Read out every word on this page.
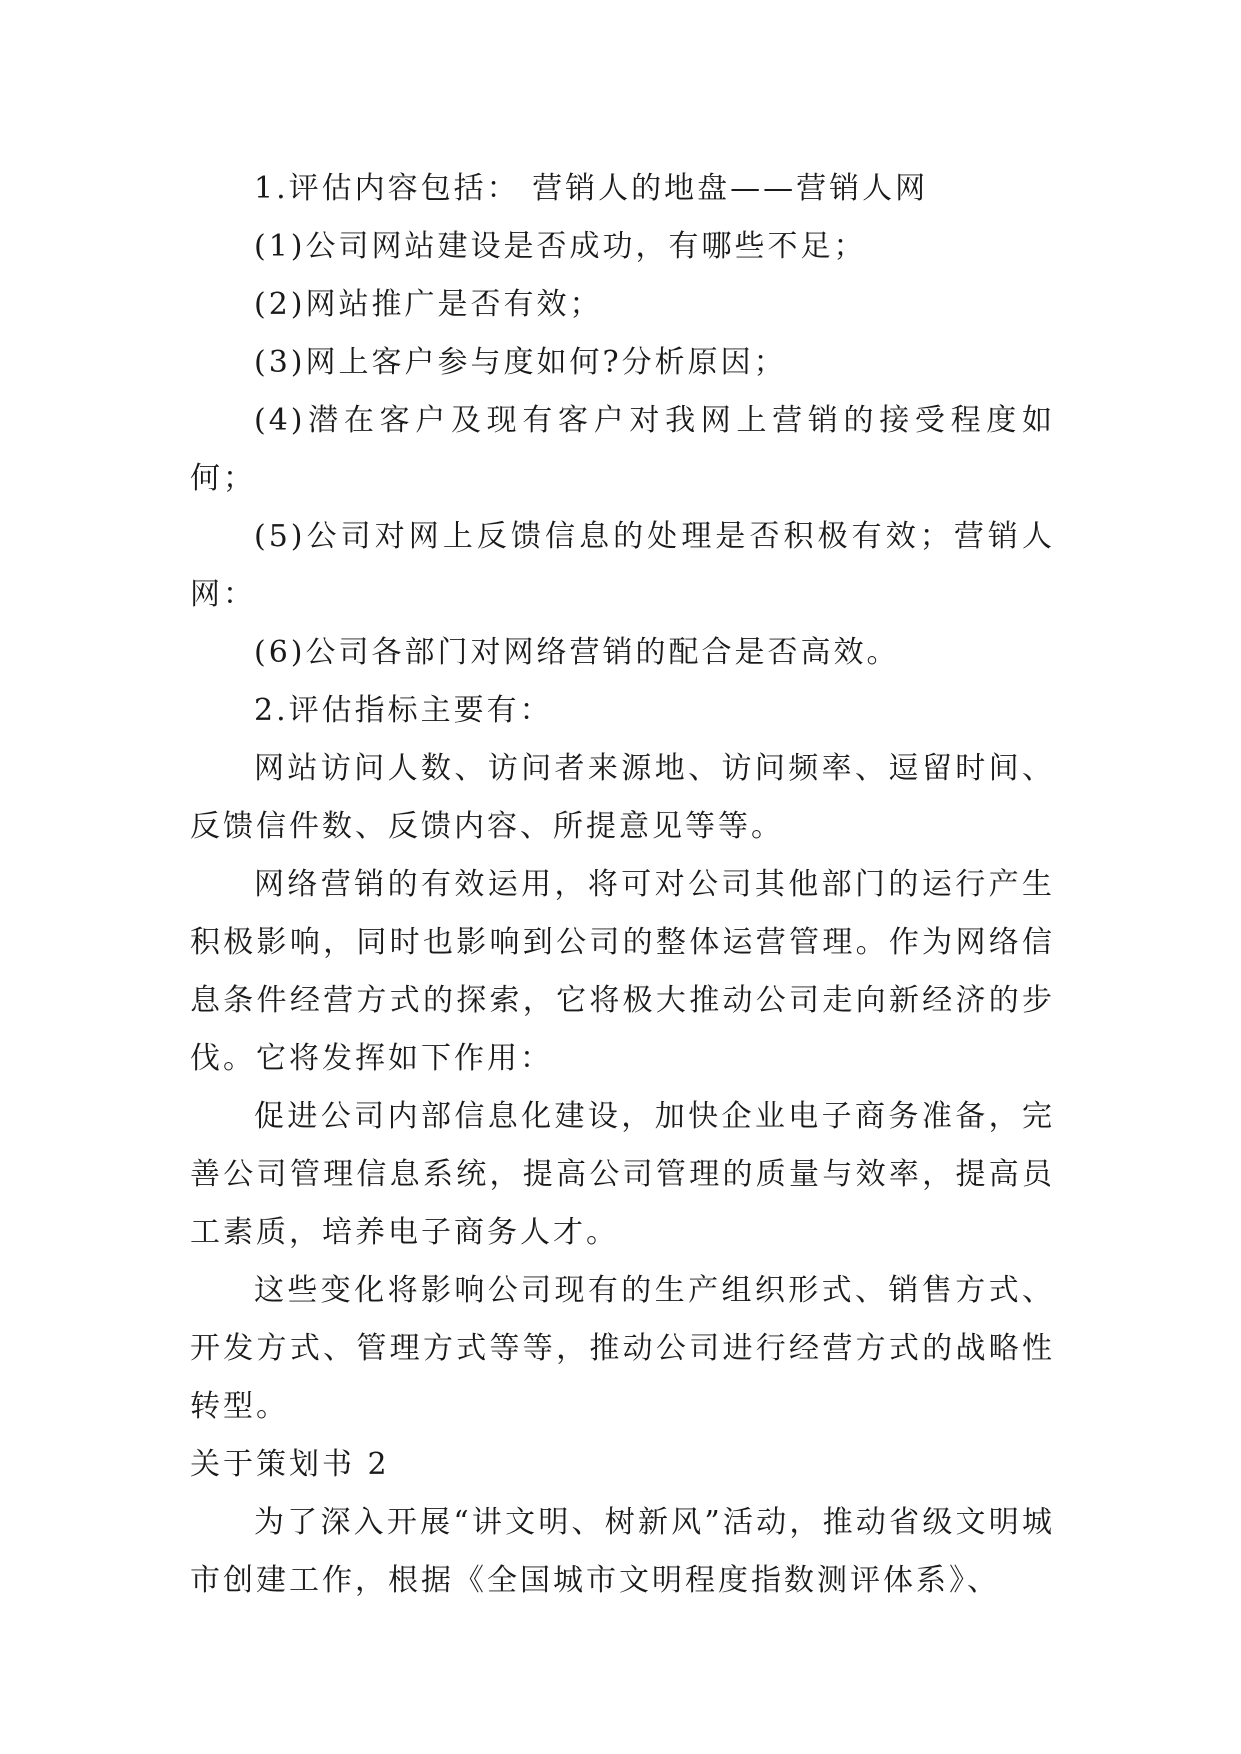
1.评估内容包括： 营销人的地盘——营销人网

(1)公司网站建设是否成功，有哪些不足；

(2)网站推广是否有效；

(3)网上客户参与度如何?分析原因；

(4)潜在客户及现有客户对我网上营销的接受程度如何；

(5)公司对网上反馈信息的处理是否积极有效；营销人网：

(6)公司各部门对网络营销的配合是否高效。

2.评估指标主要有：

网站访问人数、访问者来源地、访问频率、逗留时间、反馈信件数、反馈内容、所提意见等等。

网络营销的有效运用，将可对公司其他部门的运行产生积极影响，同时也影响到公司的整体运营管理。作为网络信息条件经营方式的探索，它将极大推动公司走向新经济的步伐。它将发挥如下作用：

促进公司内部信息化建设，加快企业电子商务准备，完善公司管理信息系统，提高公司管理的质量与效率，提高员工素质，培养电子商务人才。

这些变化将影响公司现有的生产组织形式、销售方式、开发方式、管理方式等等，推动公司进行经营方式的战略性转型。

关于策划书 2

为了深入开展“讲文明、树新风”活动，推动省级文明城市创建工作，根据《全国城市文明程度指数测评体系》、
